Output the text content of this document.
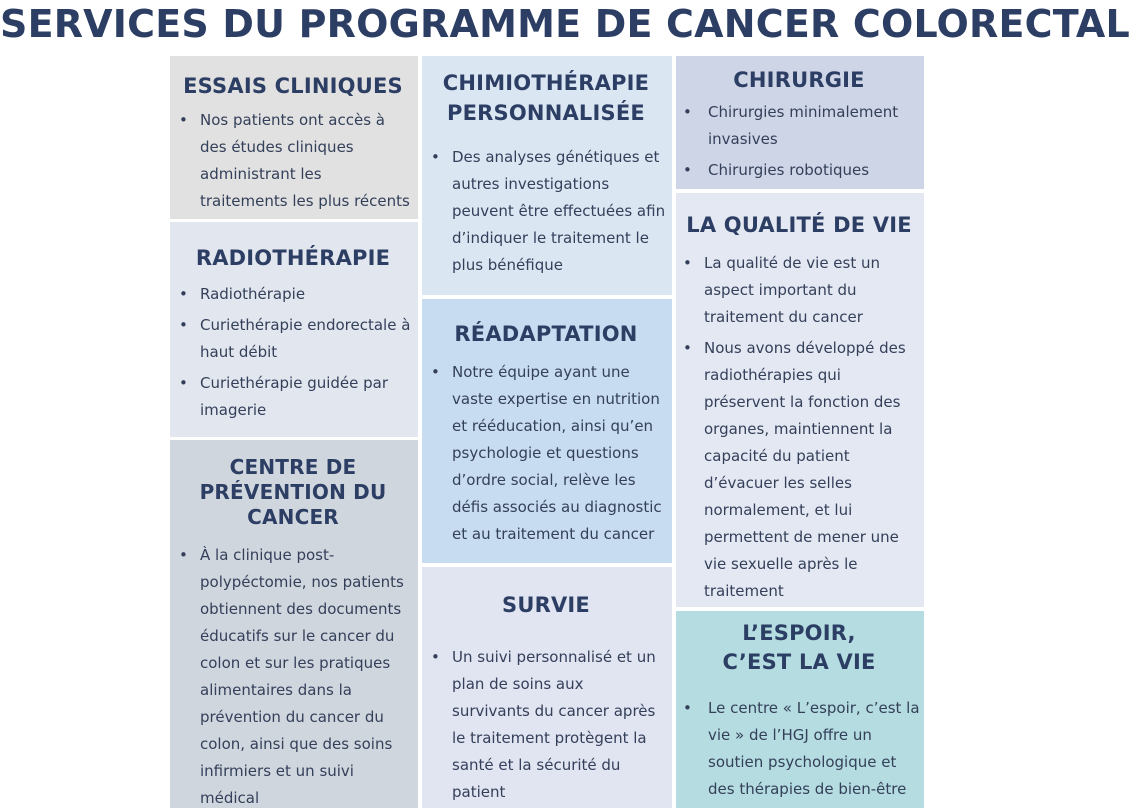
SERVICES DU PROGRAMME DE CANCER COLORECTAL
ESSAIS CLINIQUES
• Nos patients ont accès à des études cliniques administrant les traitements les plus récents
RADIOTHÉRAPIE
• Radiothérapie
• Curiethérapie endorectale à haut débit
• Curiethérapie guidée par imagerie
CENTRE DE
PRÉVENTION DU
CANCER
• À la clinique post-polypéctomie, nos patients obtiennent des documents éducatifs sur le cancer du colon et sur les pratiques alimentaires dans la prévention du cancer du colon, ainsi que des soins infirmiers et un suivi médical
CHIMIOTHÉRAPIE
PERSONNALISÉE
• Des analyses génétiques et autres investigations peuvent être effectuées afin d’indiquer le traitement le plus bénéfique
RÉADAPTATION
• Notre équipe ayant une vaste expertise en nutrition et rééducation, ainsi qu’en psychologie et questions d’ordre social, relève les défis associés au diagnostic et au traitement du cancer
SURVIE
• Un suivi personnalisé et un plan de soins aux survivants du cancer après le traitement protègent la santé et la sécurité du patient
CHIRURGIE
• Chirurgies minimalement invasives
• Chirurgies robotiques
LA QUALITÉ DE VIE
• La qualité de vie est un aspect important du traitement du cancer
• Nous avons développé des radiothérapies qui préservent la fonction des organes, maintiennent la capacité du patient d’évacuer les selles normalement, et lui permettent de mener une vie sexuelle après le traitement
L’ESPOIR,
C’EST LA VIE
• Le centre « L’espoir, c’est la vie » de l’HGJ offre un soutien psychologique et des thérapies de bien-être
